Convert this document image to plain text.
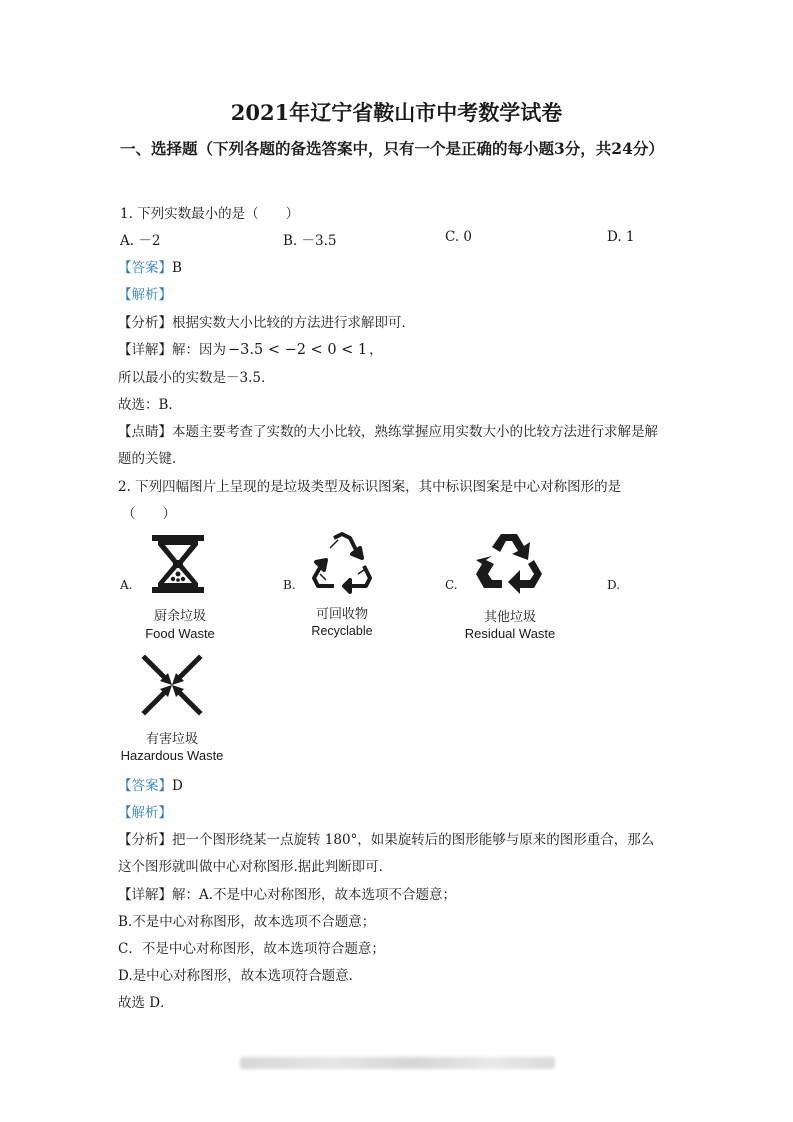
2021年辽宁省鞍山市中考数学试卷
一、选择题（下列各题的备选答案中，只有一个是正确的每小题3分，共24分）
1. 下列实数最小的是（　　）
A. －2	B. －3.5	C. 0	D. 1
【答案】B
【解析】
【分析】根据实数大小比较的方法进行求解即可．
【详解】解：因为 −3.5 < −2 < 0 < 1 ，
所以最小的实数是－3.5．
故选：B．
【点睛】本题主要考查了实数的大小比较，熟练掌握应用实数大小的比较方法进行求解是解
题的关键．
2. 下列四幅图片上呈现的是垃圾类型及标识图案，其中标识图案是中心对称图形的是
（　　）
A.	B.	C.	D.
厨余垃圾
Food Waste
可回收物
Recyclable
其他垃圾
Residual Waste
有害垃圾
Hazardous Waste
【答案】D
【解析】
【分析】把一个图形绕某一点旋转 180°，如果旋转后的图形能够与原来的图形重合，那么
这个图形就叫做中心对称图形.据此判断即可．
【详解】解：A.不是中心对称图形，故本选项不合题意；
B.不是中心对称图形，故本选项不合题意；
C．不是中心对称图形，故本选项符合题意；
D.是中心对称图形，故本选项符合题意．
故选 D．
